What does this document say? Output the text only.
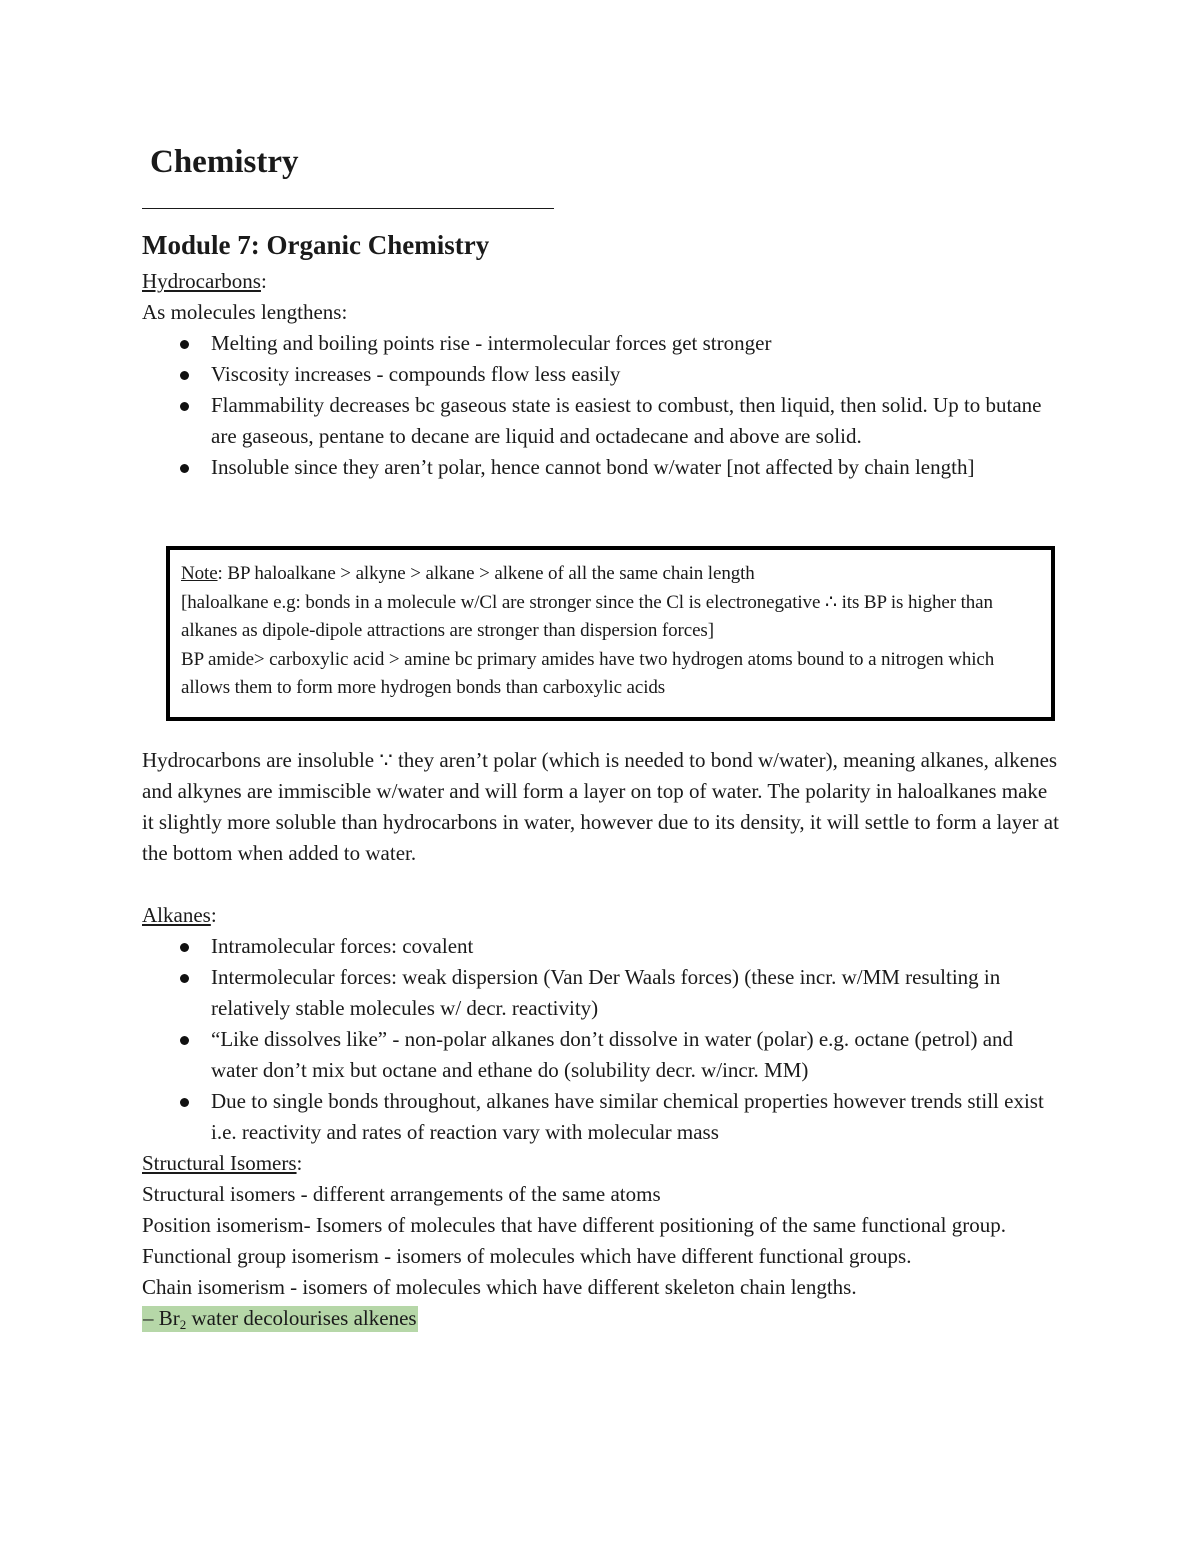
Chemistry
Module 7: Organic Chemistry

Hydrocarbons:

As molecules lengthens:

Melting and boiling points rise - intermolecular forces get stronger
Viscosity increases - compounds flow less easily
Flammability decreases bc gaseous state is easiest to combust, then liquid, then solid. Up to butane are gaseous, pentane to decane are liquid and octadecane and above are solid.
Insoluble since they aren’t polar, hence cannot bond w/water [not affected by chain length]
Note: BP haloalkane > alkyne > alkane > alkene of all the same chain length
[haloalkane e.g: bonds in a molecule w/Cl are stronger since the Cl is electronegative ∴ its BP is higher than alkanes as dipole-dipole attractions are stronger than dispersion forces]
BP amide> carboxylic acid > amine bc primary amides have two hydrogen atoms bound to a nitrogen which allows them to form more hydrogen bonds than carboxylic acids

Hydrocarbons are insoluble ∵ they aren’t polar (which is needed to bond w/water), meaning alkanes, alkenes and alkynes are immiscible w/water and will form a layer on top of water. The polarity in haloalkanes make it slightly more soluble than hydrocarbons in water, however due to its density, it will settle to form a layer at the bottom when added to water.

Alkanes:

Intramolecular forces: covalent
Intermolecular forces: weak dispersion (Van Der Waals forces) (these incr. w/MM resulting in relatively stable molecules w/ decr. reactivity)
“Like dissolves like” - non-polar alkanes don’t dissolve in water (polar) e.g. octane (petrol) and water don’t mix but octane and ethane do (solubility decr. w/incr. MM)
Due to single bonds throughout, alkanes have similar chemical properties however trends still exist i.e. reactivity and rates of reaction vary with molecular mass

Structural Isomers:

Structural isomers - different arrangements of the same atoms

Position isomerism- Isomers of molecules that have different positioning of the same functional group.

Functional group isomerism - isomers of molecules which have different functional groups.

Chain isomerism - isomers of molecules which have different skeleton chain lengths.

– $Br_2$ water decolourises alkenes
